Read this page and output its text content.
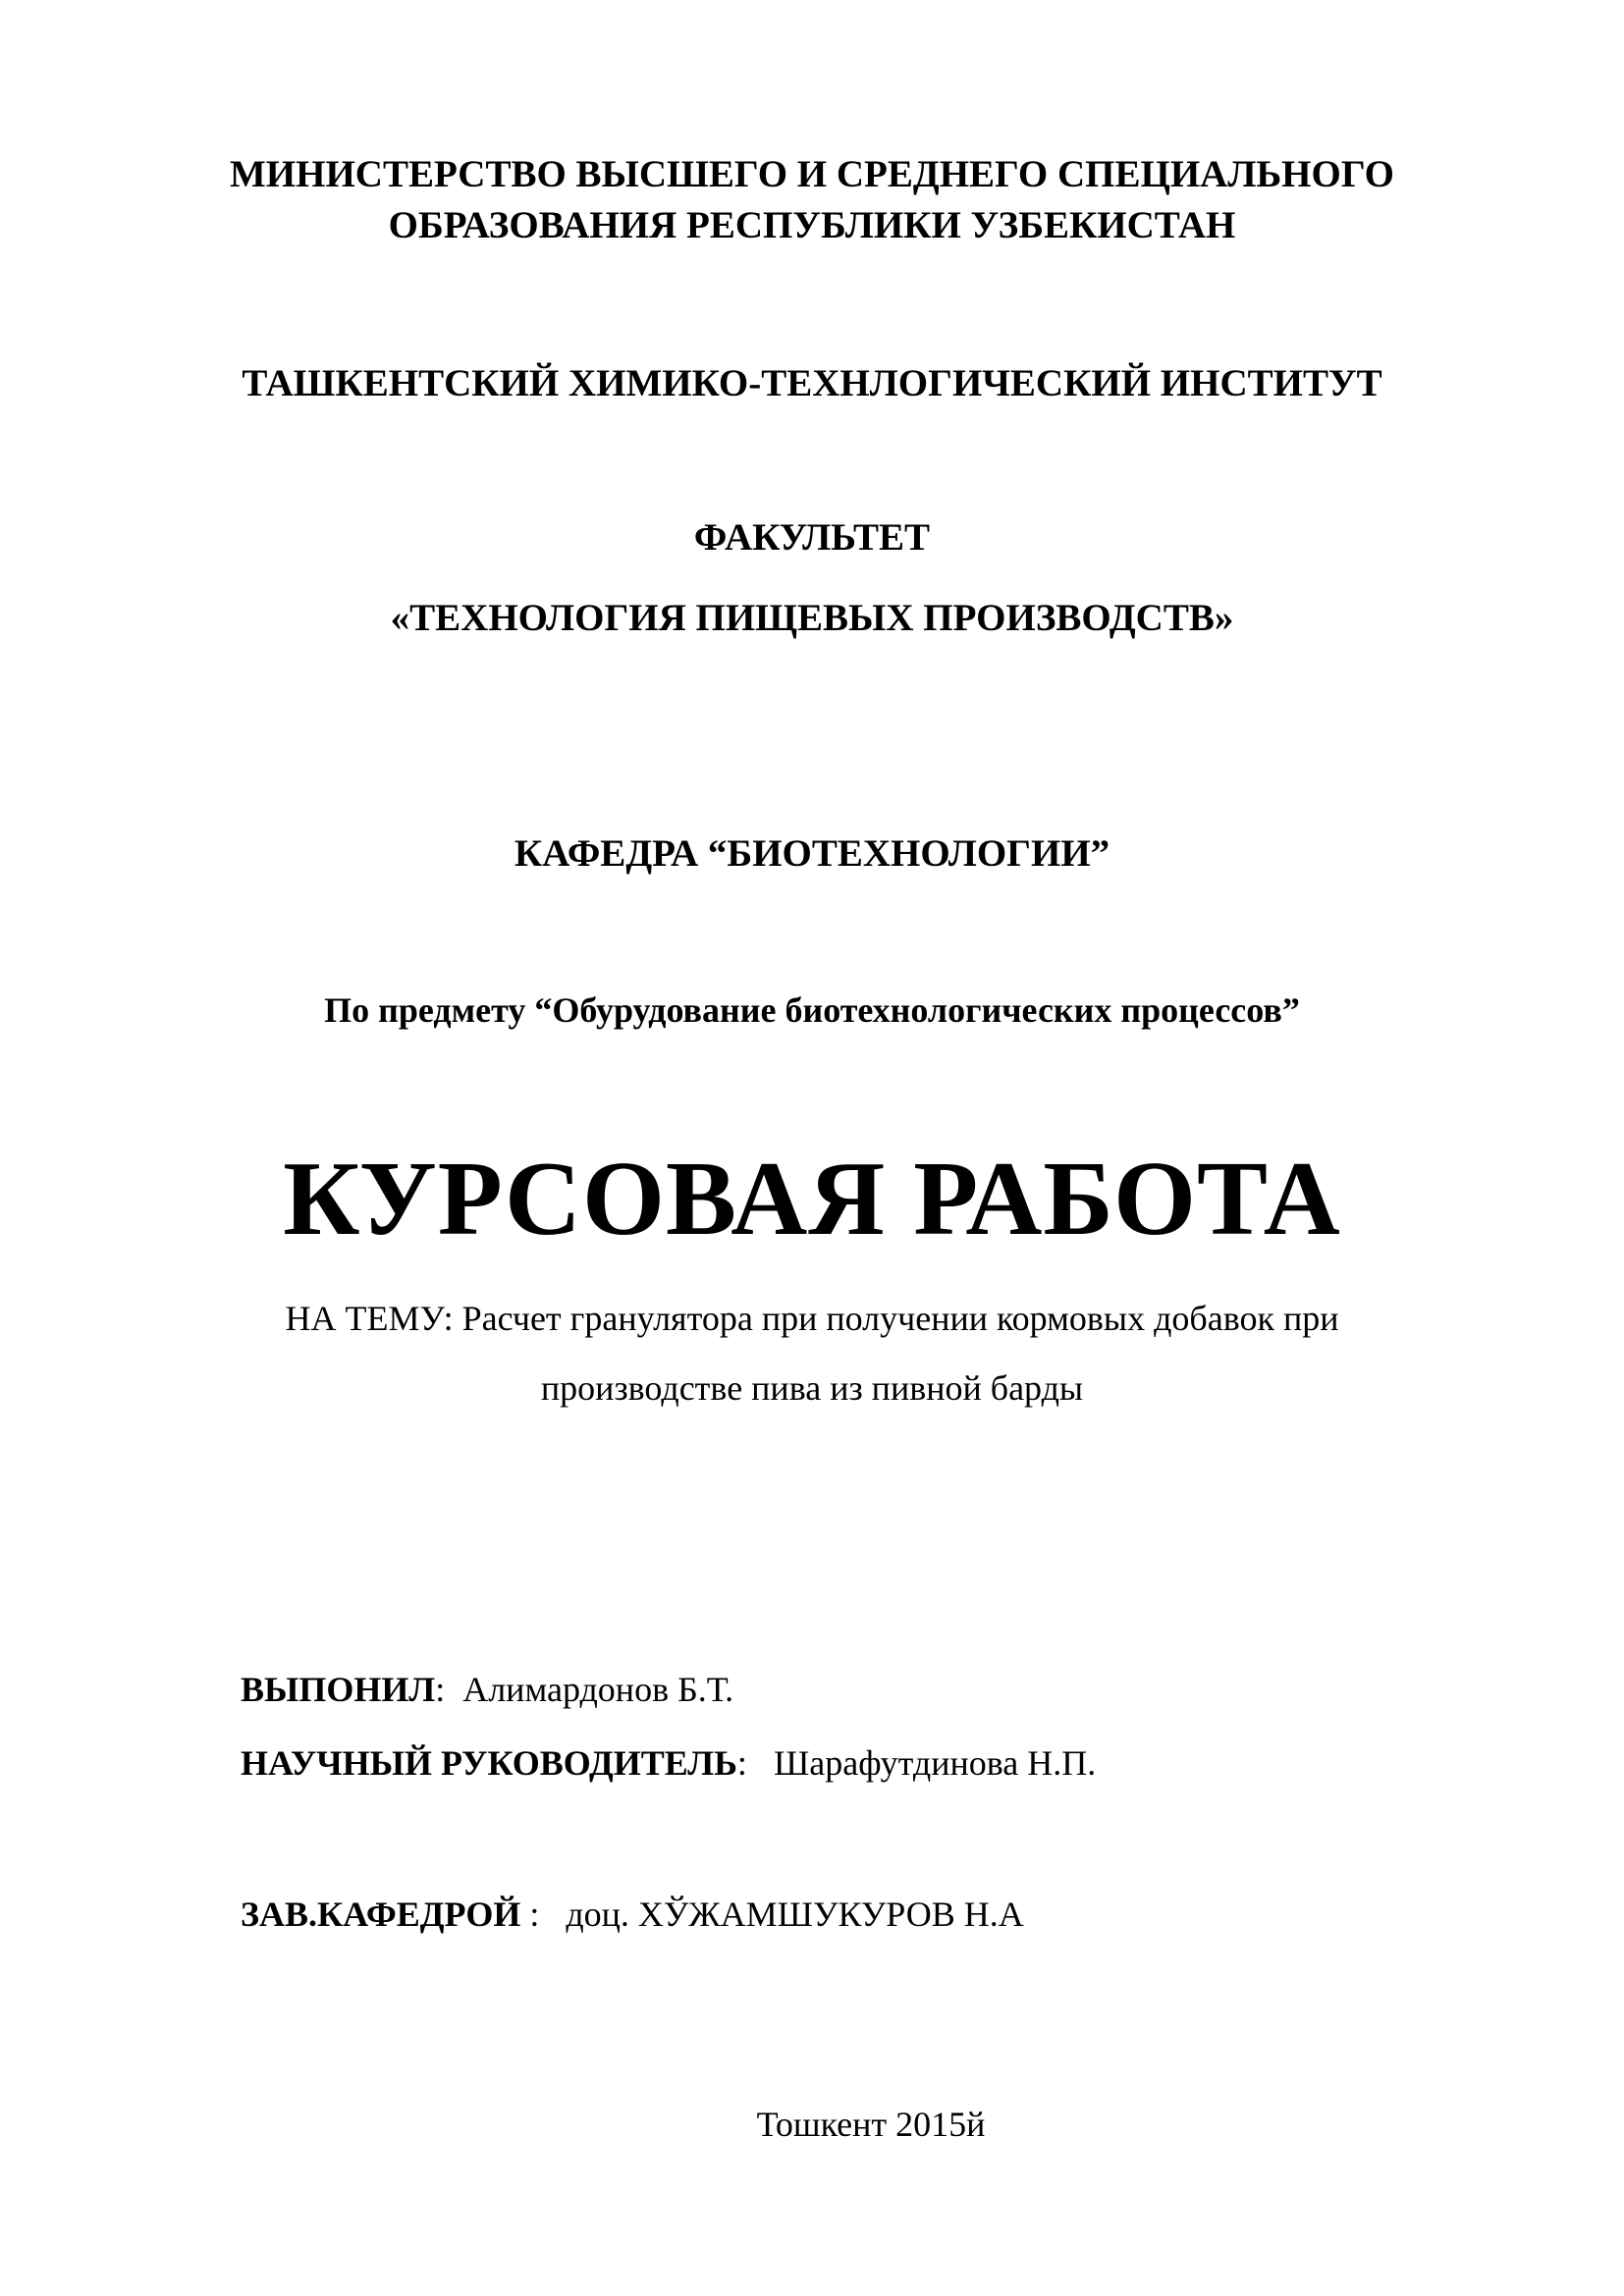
МИНИСТЕРСТВО ВЫСШЕГО И СРЕДНЕГО СПЕЦИАЛЬНОГО
ОБРАЗОВАНИЯ РЕСПУБЛИКИ УЗБЕКИСТАН
ТАШКЕНТСКИЙ ХИМИКО-ТЕХНЛОГИЧЕСКИЙ ИНСТИТУТ
ФАКУЛЬТЕТ
«ТЕХНОЛОГИЯ ПИЩЕВЫХ ПРОИЗВОДСТВ»
КАФЕДРА “БИОТЕХНОЛОГИИ”
По предмету “Обурудование биотехнологических процессов”
КУРСОВАЯ РАБОТА
НА ТЕМУ: Расчет гранулятора при получении кормовых добавок при
производстве пива из пивной барды
ВЫПОНИЛ: Алимардонов Б.Т.
НАУЧНЫЙ РУКОВОДИТЕЛЬ: Шарафутдинова Н.П.
ЗАВ.КАФЕДРОЙ : доц. ХЎЖАМШУКУРОВ Н.А
Тошкент 2015й
